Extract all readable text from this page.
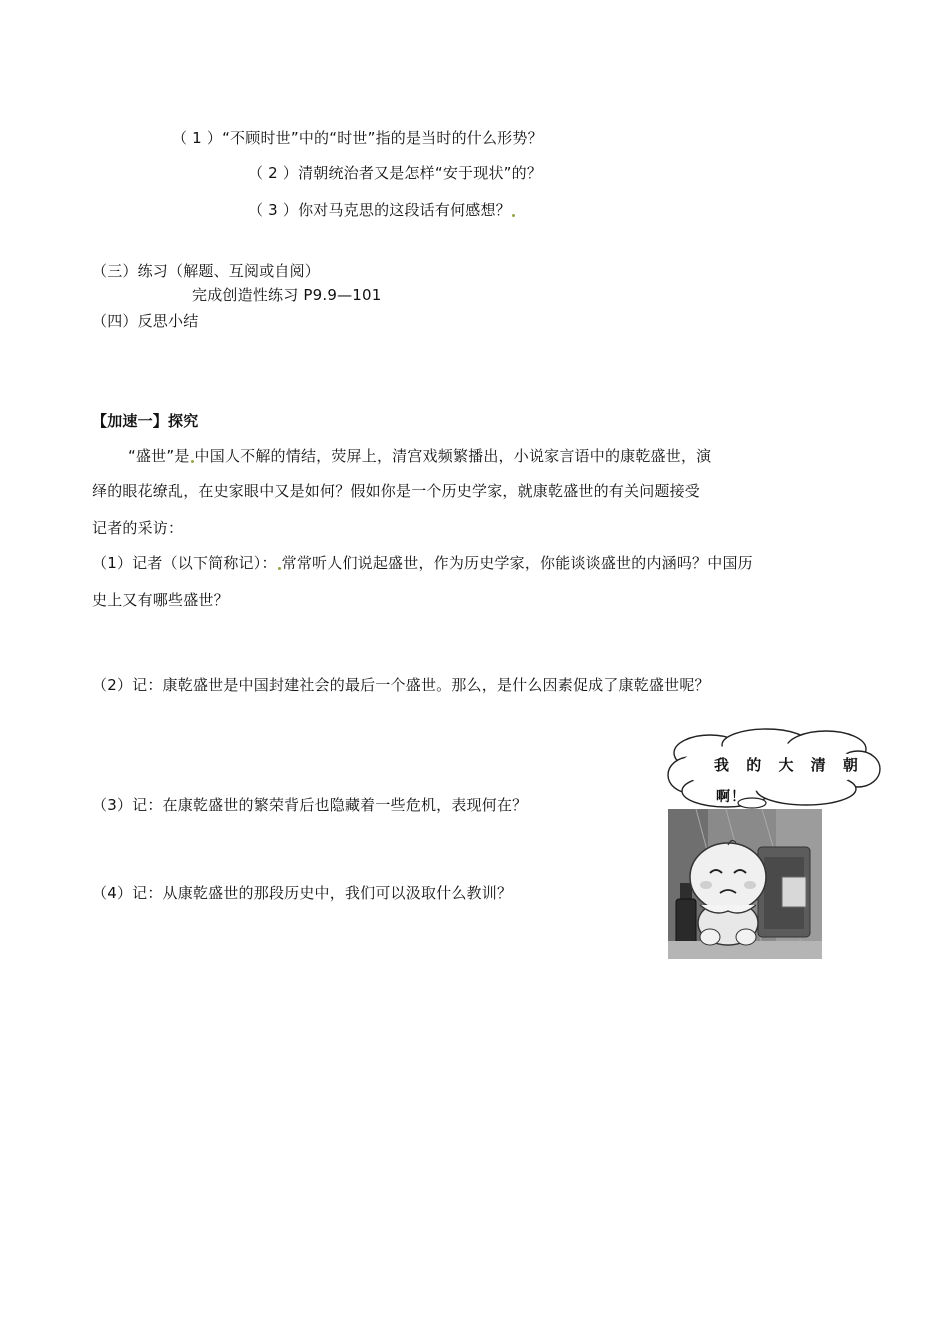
（ 1 ）“不顾时世”中的“时世”指的是当时的什么形势？
（ 2 ）清朝统治者又是怎样“安于现状”的？
（ 3 ）你对马克思的这段话有何感想？
（三）练习（解题、互阅或自阅）
完成创造性练习 P9.9—101
（四）反思小结
【加速一】探究
“盛世”是 中国人不解的情结，荧屏上，清宫戏频繁播出，小说家言语中的康乾盛世，演
绎的眼花缭乱，在史家眼中又是如何？假如你是一个历史学家，就康乾盛世的有关问题接受
记者的采访：
（1）记者（以下简称记）： 常常听人们说起盛世，作为历史学家，你能谈谈盛世的内涵吗？中国历
史上又有哪些盛世？
（2）记：康乾盛世是中国封建社会的最后一个盛世。那么，是什么因素促成了康乾盛世呢？
（3）记：在康乾盛世的繁荣背后也隐藏着一些危机，表现何在？
（4）记：从康乾盛世的那段历史中，我们可以汲取什么教训？
我 的 大 清 朝
啊！
